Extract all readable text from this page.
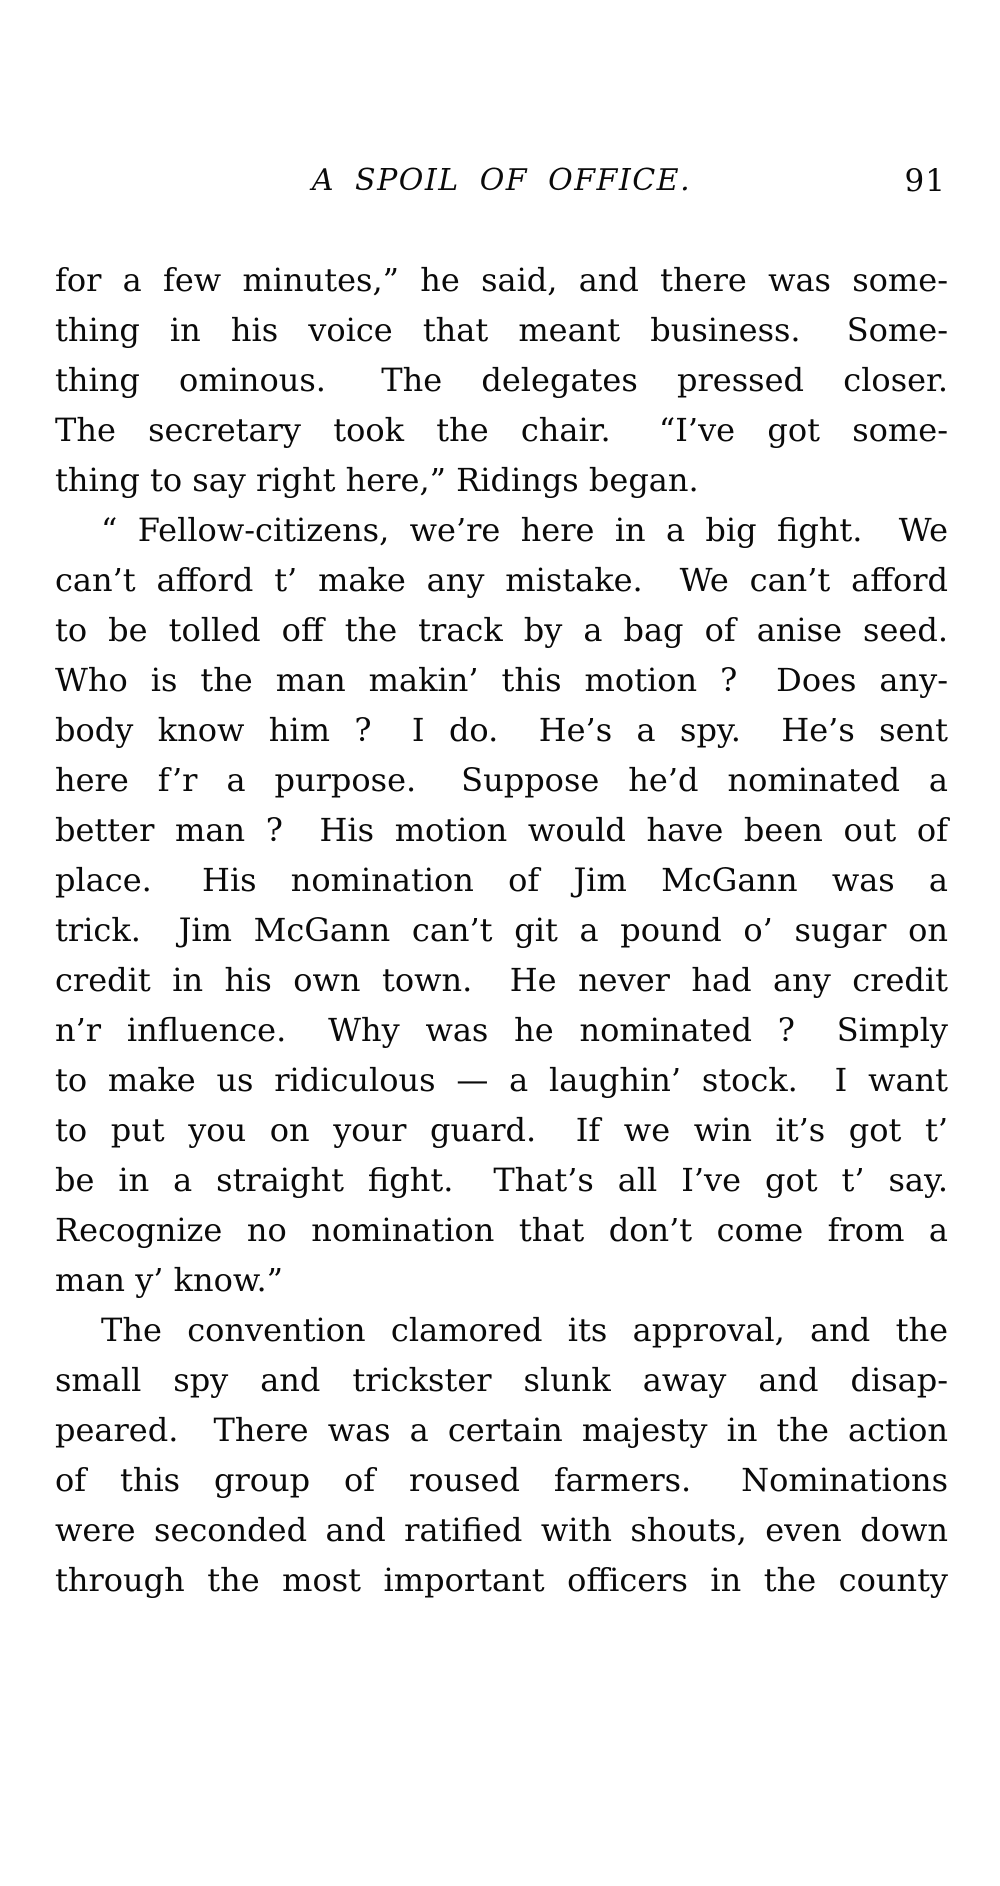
A SPOIL OF OFFICE.	91
for a few minutes,” he said, and there was some-
thing in his voice that meant business.  Some-
thing ominous.  The delegates pressed closer.
The secretary took the chair.  “I’ve got some-
thing to say right here,” Ridings began.
“ Fellow-citizens, we’re here in a big fight.  We
can’t afford t’ make any mistake.  We can’t afford
to be tolled off the track by a bag of anise seed.
Who is the man makin’ this motion ?  Does any-
body know him ?  I do.  He’s a spy.  He’s sent
here f’r a purpose.  Suppose he’d nominated a
better man ?  His motion would have been out of
place.  His nomination of Jim McGann was a
trick.  Jim McGann can’t git a pound o’ sugar on
credit in his own town.  He never had any credit
n’r influence.  Why was he nominated ?  Simply
to make us ridiculous — a laughin’ stock.  I want
to put you on your guard.  If we win it’s got t’
be in a straight fight.  That’s all I’ve got t’ say.
Recognize no nomination that don’t come from a
man y’ know.”
The convention clamored its approval, and the
small spy and trickster slunk away and disap-
peared.  There was a certain majesty in the action
of this group of roused farmers.  Nominations
were seconded and ratified with shouts, even down
through the most important officers in the county
